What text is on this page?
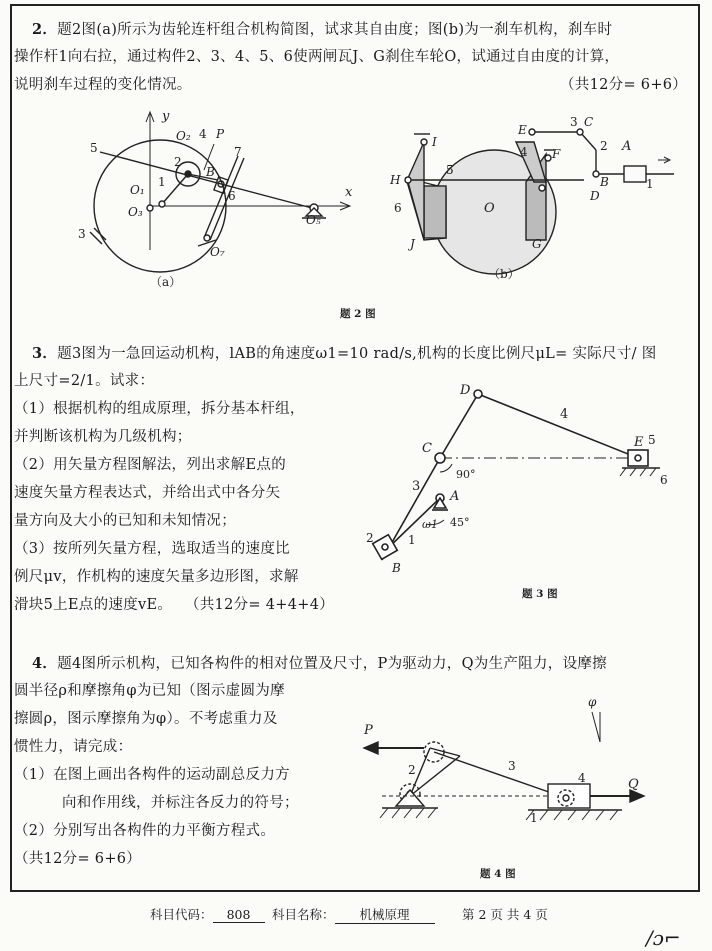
2．题2图(a)所示为齿轮连杆组合机构简图，试求其自由度；图(b)为一刹车机构，刹车时
操作杆1向右拉，通过构件2、3、4、5、6使两闸瓦J、G刹住车轮O，试通过自由度的计算，
说明刹车过程的变化情况。	（共12分= 6+6）
y
x
P
5
O₂ 4
2
7
O₁
1
B
6
O₃
3
O₅
O₇
（a）
I
E
3 C
2 A
4 F
H
5
B	1
O
D
6
J	G
（b）
题 2 图
3．题3图为一急回运动机构，lAB的角速度ω1=10 rad/s,机构的长度比例尺μL= 实际尺寸/ 图
上尺寸=2/1。试求：
（1）根据机构的组成原理，拆分基本杆组，
并判断该机构为几级机构；
（2）用矢量方程图解法，列出求解E点的
速度矢量方程表达式，并给出式中各分矢
量方向及大小的已知和未知情况；
（3）按所列矢量方程，选取适当的速度比
例尺μv，作机构的速度矢量多边形图，求解
滑块5上E点的速度vE。 （共12分= 4+4+4）
D
4
E 5
C
90°	6
3
A
ω1 45°
2	1
B
题 3 图
4．题4图所示机构，已知各构件的相对位置及尺寸，P为驱动力，Q为生产阻力，设摩擦
圆半径ρ和摩擦角φ为已知（图示虚圆为摩
擦圆ρ，图示摩擦角为φ）。不考虑重力及
惯性力，请完成：
（1）在图上画出各构件的运动副总反力方
向和作用线，并标注各反力的符号；
（2）分别写出各构件的力平衡方程式。
（共12分= 6+6）
φ
P
2	3
4	Q
1
题 4 图
科目代码： 808	科目名称： 机械原理	第 2 页 共 4 页
/ɔ⌐
